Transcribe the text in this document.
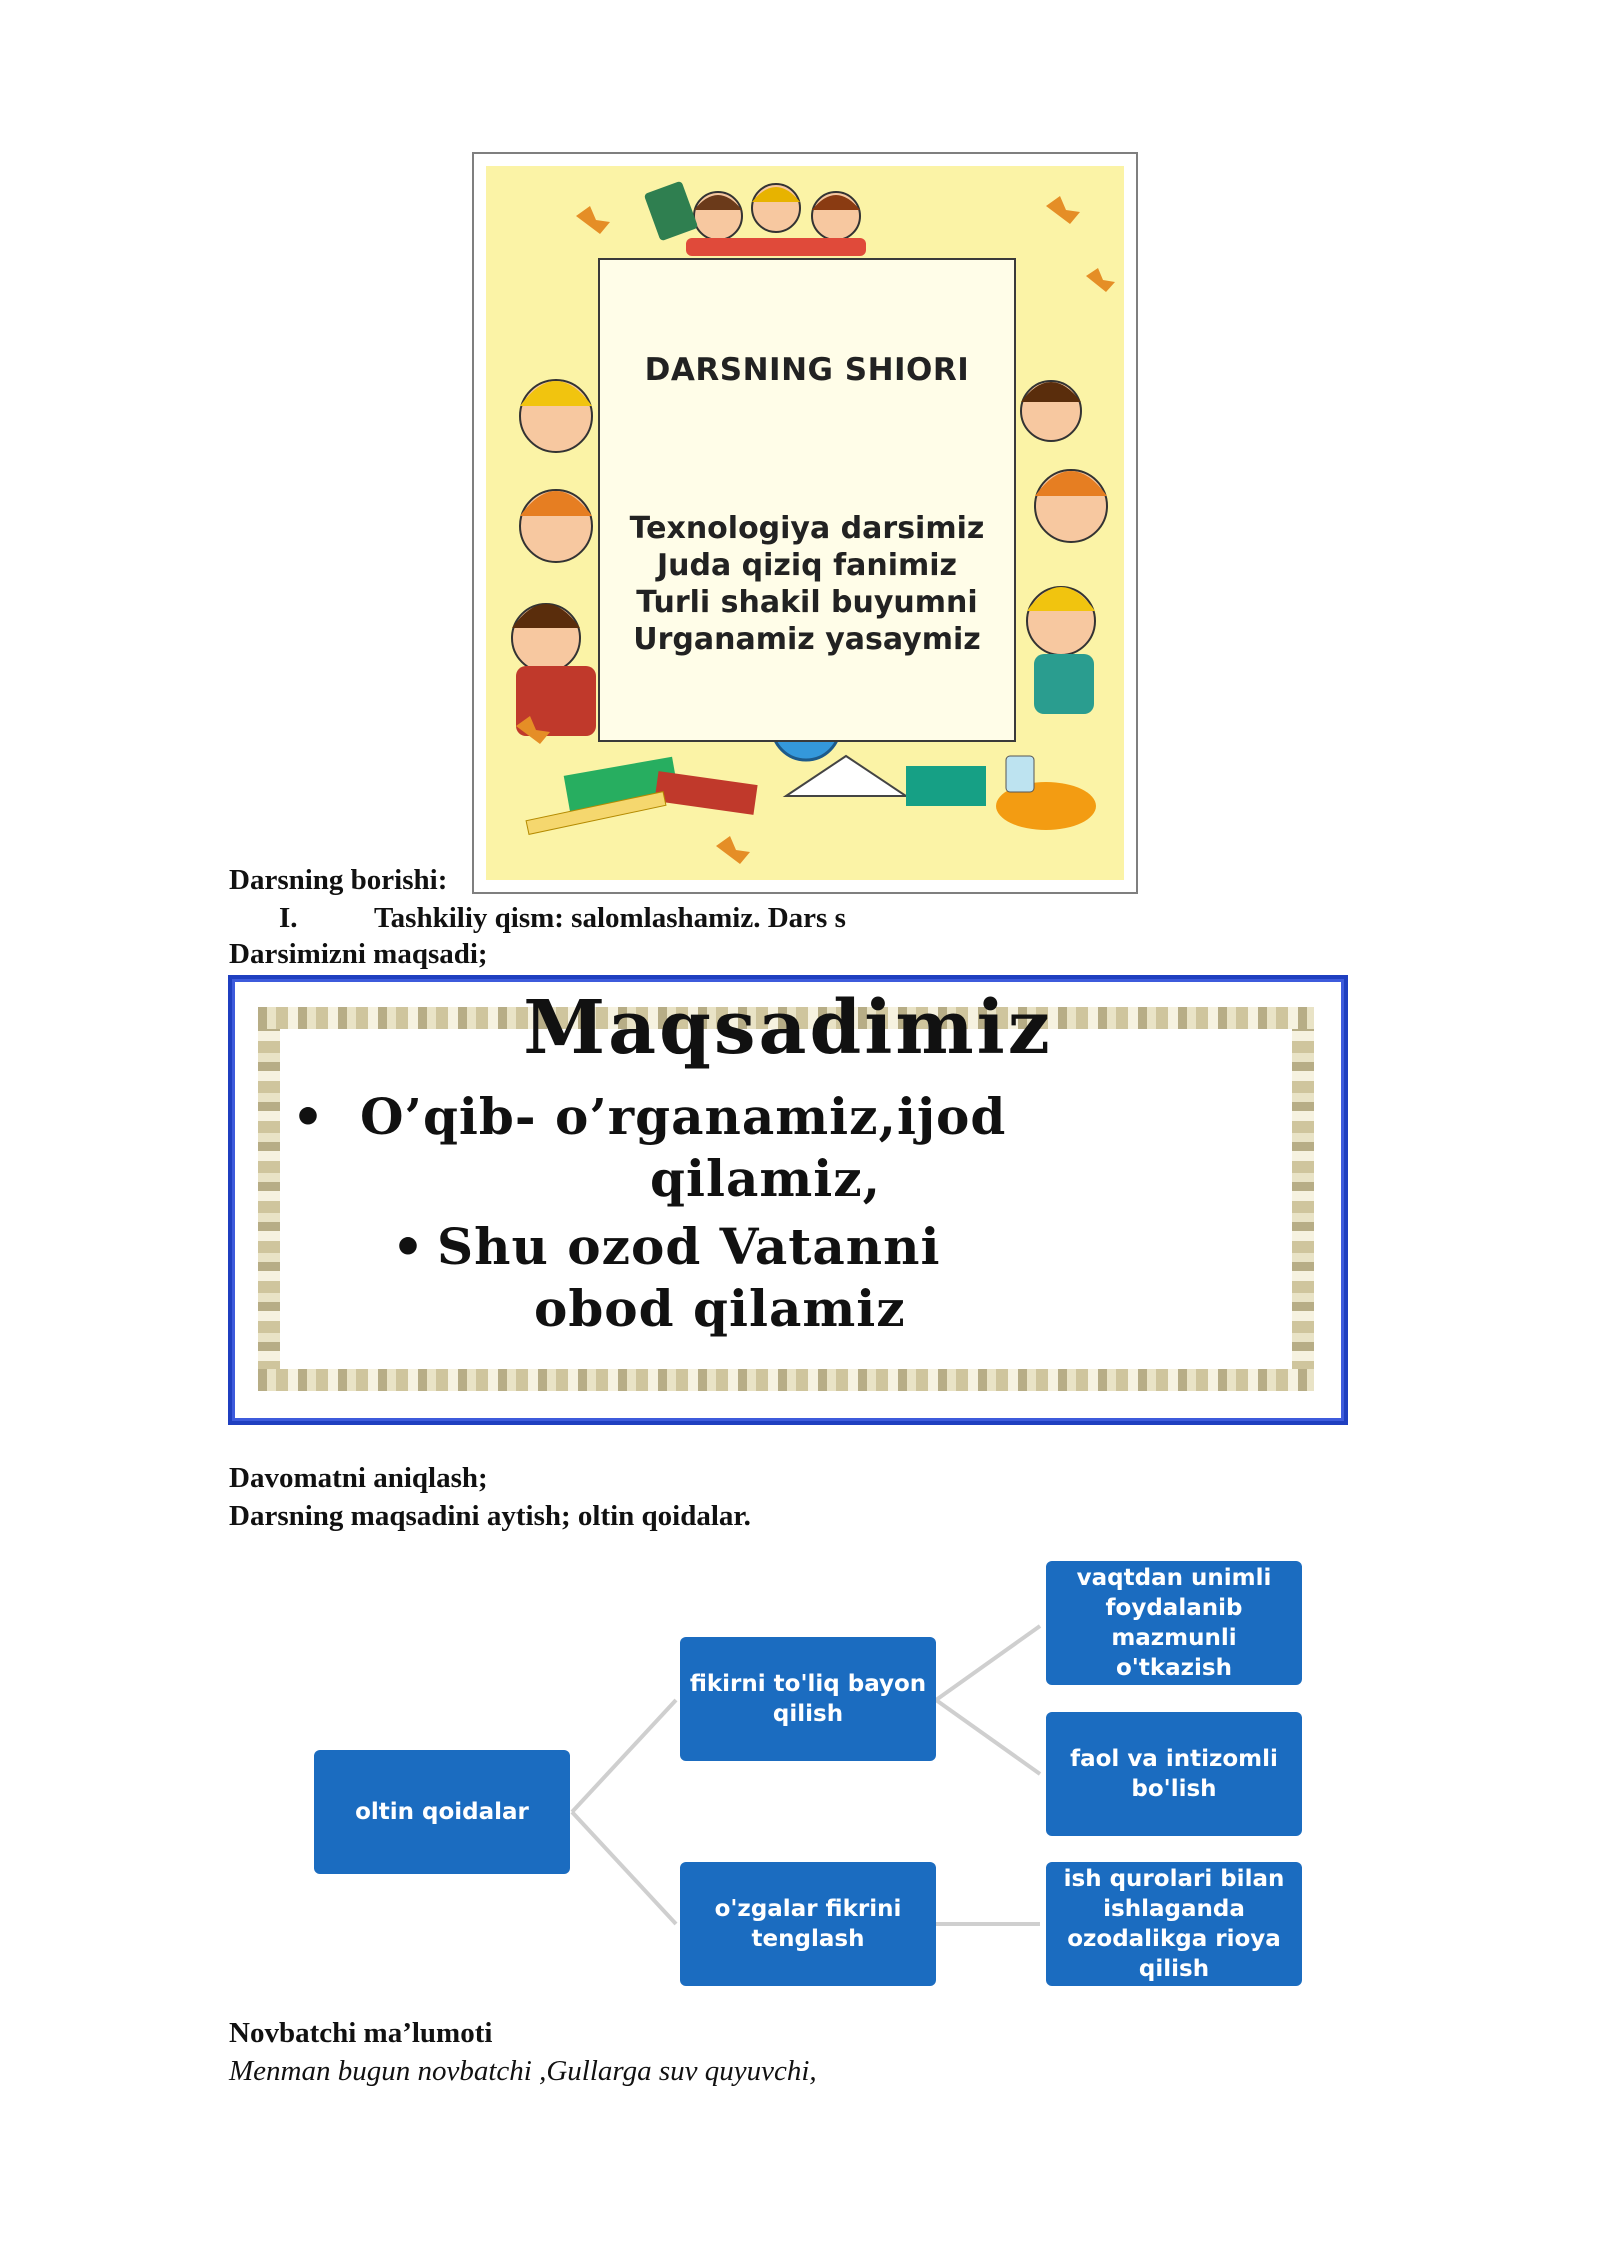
DARSNING SHIORI
Texnologiya darsimiz
Juda qiziq fanimiz
Turli shakil buyumni
Urganamiz yasaymiz
Darsning borishi:
I.	Tashkiliy qism: salomlashamiz. Dars s
Darsimizni maqsadi;
Maqsadimiz
• O’qib- o’rganamiz,ijod
qilamiz,
• Shu ozod Vatanni
obod qilamiz
Davomatni aniqlash;
Darsning maqsadini aytish; oltin qoidalar.
oltin qoidalar
fikirni to'liq bayon qilish
o'zgalar fikrini tenglash
vaqtdan unimli foydalanib mazmunli o'tkazish
faol va intizomli bo'lish
ish qurolari bilan ishlaganda ozodalikga rioya qilish
Novbatchi ma’lumoti
Menman bugun novbatchi ,Gullarga suv quyuvchi,
